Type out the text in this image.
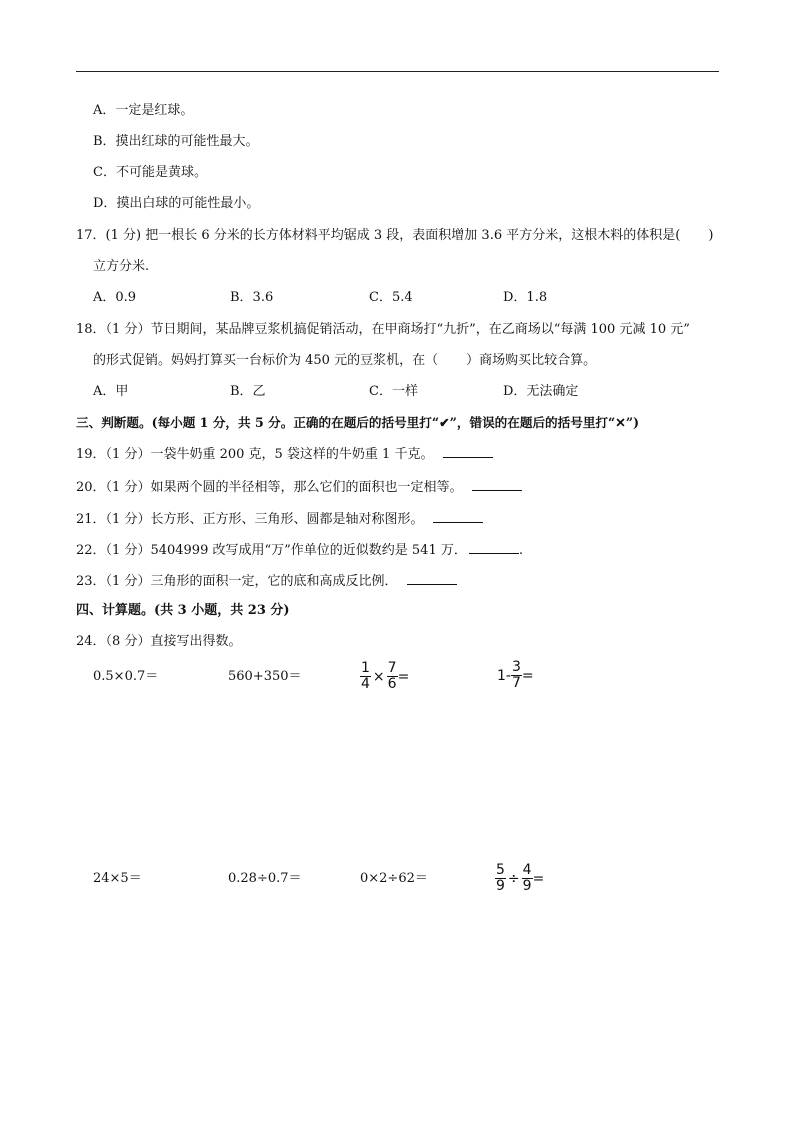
A．一定是红球。
B．摸出红球的可能性最大。
C．不可能是黄球。
D．摸出白球的可能性最小。
17．(1 分) 把一根长 6 分米的长方体材料平均锯成 3 段，表面积增加 3.6 平方分米，这根木料的体积是( )
立方分米.
A．0.9	B．3.6	C．5.4	D．1.8
18．（1 分）节日期间，某品牌豆浆机搞促销活动，在甲商场打“九折”，在乙商场以“每满 100 元减 10 元”
的形式促销。妈妈打算买一台标价为 450 元的豆浆机，在（ ）商场购买比较合算。
A．甲	B．乙	C．一样	D．无法确定
三、判断题。(每小题 1 分，共 5 分。正确的在题后的括号里打“✔”，错误的在题后的括号里打“✕”)
19．（1 分）一袋牛奶重 200 克，5 袋这样的牛奶重 1 千克。
20．（1 分）如果两个圆的半径相等，那么它们的面积也一定相等。
21．（1 分）长方形、正方形、三角形、圆都是轴对称图形。
22．（1 分）5404999 改写成用“万”作单位的近似数约是 541 万．	.
23．（1 分）三角形的面积一定，它的底和高成反比例．
四、计算题。(共 3 小题，共 23 分)
24．（8 分）直接写出得数。
0.5×0.7＝	560+350＝	$\frac{1}{4} \times \frac{7}{6}$ =	$1- \frac{3}{7}$ =
24×5＝	0.28÷0.7＝	0×2÷62＝	$\frac{5}{9} \div \frac{4}{9}$ =
